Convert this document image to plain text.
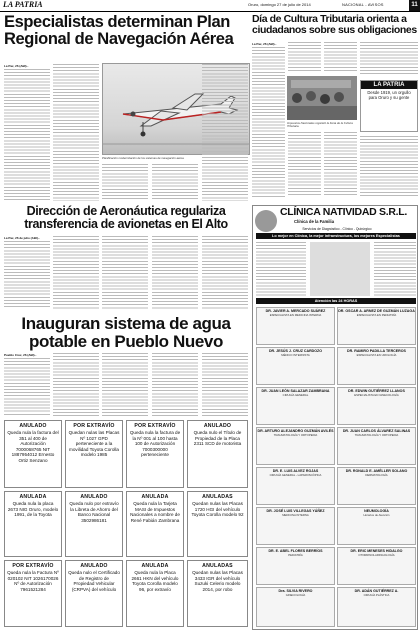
LA PATRIA	Oruro, domingo 27 de julio de 2014	NACIONAL - AVISOS	11
Especialistas determinan Plan Regional de Navegación Aérea
La Paz, 26 (ABI).-
Planificación modernización de los sistemas de navegación aérea.
Día de Cultura Tributaria orienta a ciudadanos sobre sus obligaciones
La Paz, 26 (ABI).-
Impuestos Nacionales organizó la Feria de la Cultura Tributaria.
LA PATRIA
Desde 1919, un orgullo para Oruro y su gente
Dirección de Aeronáutica regulariza transferencia de avionetas en El Alto
La Paz, 26 de julio (ABI).-
Inauguran sistema de agua potable en Pueblo Nuevo
Pueblo Cruz, 26 (ABI).-
ANULADO
Queda nula la factura del 351 al 400 de Autorización 7000068765 NIT 1887954012 Ernesto Ortiz Senzano
POR EXTRAVÍO
Quedan nulas las Placas Nº 1027 GPD perteneciente a la movilidad Toyota Corolla modelo 1985
POR EXTRAVÍO
Queda nula la factura de la Nº 001 al 100 hasta 100 de Autorización 7000300000 perteneciente
ANULADO
Queda nulo el Título de Propiedad de la Placa 2311 SCD de motorista
ANULADA
Queda nula la placa 2673 NIG Oruro, modelo 1991, de la Toyota
ANULADO
Queda nulo por extravío la Libreta de Ahorro del Banco Nacional 3502986181
ANULADA
Queda nula la Tarjeta MASI de Impuestos Nacionales a nombre de René Fabián Zambrana
ANULADAS
Quedan nulas las Placas 1720 HGI del vehículo Toyota Corolla modelo 92
POR EXTRAVÍO
Queda nula la Factura Nº 020102 NIT 1026170026 Nº de Autorización 7961521284
ANULADO
Queda nulo el Certificado de Registro de Propiedad Vehicular (CRPVA) del vehículo
ANULADA
Queda nula la Placa 2661 HKN del vehículo Toyota Corolla modelo 96, por extravío
ANULADAS
Quedan nulas las Placas 3433 IGR del vehículo Suzuki Celerio modelo 2014, por robo
CLÍNICA NATIVIDAD S.R.L.
Clínica de la Familia
Servicios de Diagnóstico - Clínico - Quirúrgico
Lo mejor en Clínica, la mejor infraestructura, los mejores Especialistas
Atención las 24 HORAS
DR. JAVIER A. MERCADO SUÁREZ
ESPECIALISTA EN MEDICINA INTERNA
DR. OSCAR A. ARNEZ DE GUZMÁN LUZAGA
ESPECIALISTA EN PEDIATRÍA
DR. JESÚS J. CRUZ CARDOZO
MÉDICO INTERNISTA
DR. RAMIRO PADILLA TERCEROS
ESPECIALISTA EN UROLOGÍA
DR. JUAN LEÓN SALAZAR ZAMBRANA
CIRUGÍA GENERAL
DR. EDWIN GUTIÉRREZ LLANOS
ESPECIALISTA EN GINECOLOGÍA
DR. ARTURO ALEJANDRO GUZMÁN AVILÉS
TRAUMATOLOGÍA Y ORTOPEDIA
DR. JUAN CARLOS ÁLVAREZ SALINAS
TRAUMATOLOGÍA Y ORTOPEDIA
DR. E. LUIS ALVEZ ROJAS
CIRUGÍA GENERAL - LAPAROSCÓPICA
DR. RONALD E. AMÉLLER SOLANO
DERMATOLOGÍA
DR. JOSÉ LUIS VILLEGAS YÁÑEZ
MEDICINA INTERNA
NEUMOLOGÍA
Horarios de Atención
DR. E. ABEL FLORES BERRÍOS
PEDIATRÍA
DR. ERIC MENESES HIDALGO
OTORRINOLARINGOLOGÍA
Dra. SILVIA RIVERO
GINECOLOGÍA
DR. ADÁN GUTIÉRREZ A.
CIRUGÍA PLÁSTICA
